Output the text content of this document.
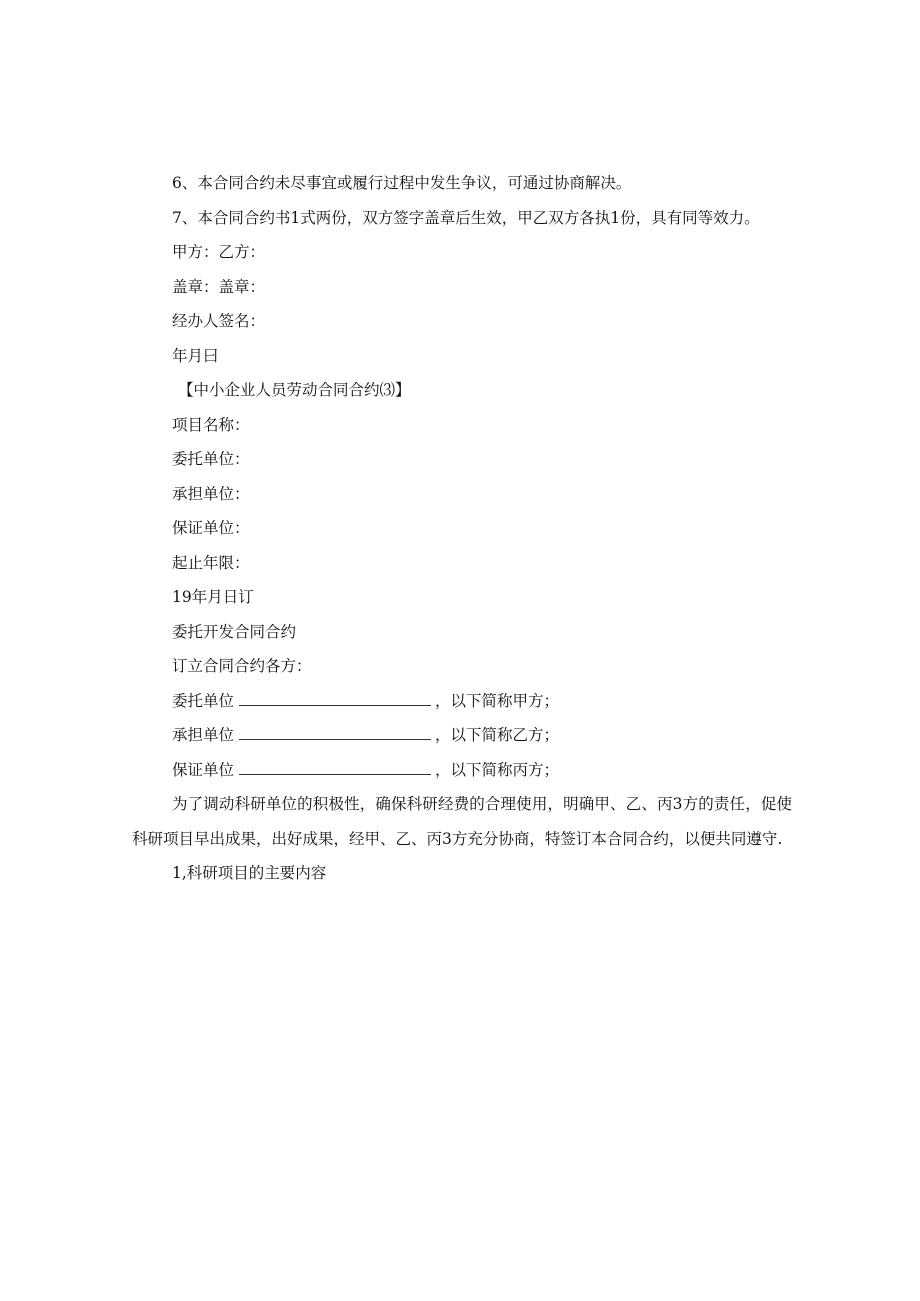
6、本合同合约未尽事宜或履行过程中发生争议，可通过协商解决。

7、本合同合约书1式两份，双方签字盖章后生效，甲乙双方各执1份，具有同等效力。

甲方：乙方：

盖章：盖章：

经办人签名：

年月曰

【中小企业人员劳动合同合约⑶】

项目名称：

委托单位：

承担单位：

保证单位：

起止年限：

19年月日订

委托开发合同合约

订立合同合约各方：

委托单位	，以下简称甲方；

承担单位	，以下简称乙方；

保证单位	，以下简称丙方；

为了调动科研单位的积极性，确保科研经费的合理使用，明确甲、乙、丙3方的责任，促使科研项目早出成果，出好成果，经甲、乙、丙3方充分协商，特签订本合同合约，以便共同遵守.

1,科研项目的主要内容
